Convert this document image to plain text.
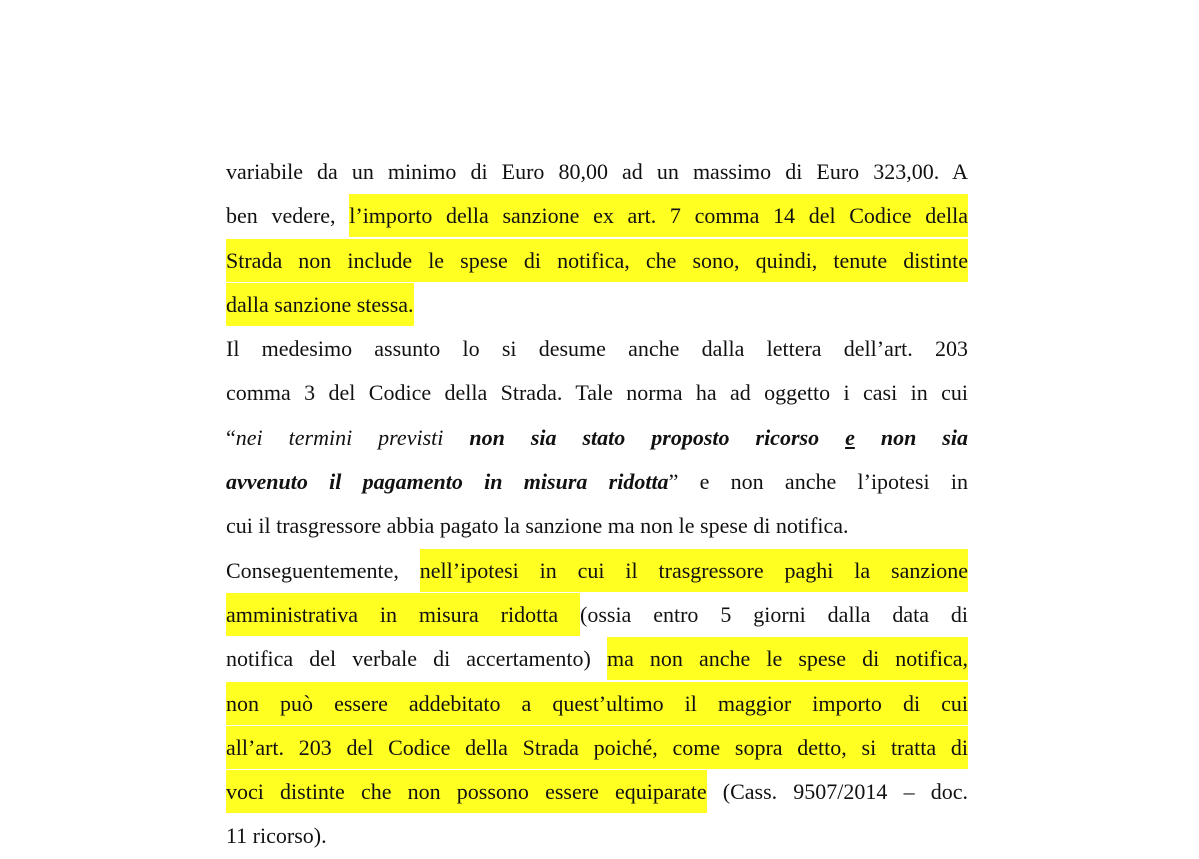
variabile da un minimo di Euro 80,00 ad un massimo di Euro 323,00. A
ben vedere, l’importo della sanzione ex art. 7 comma 14 del Codice della
Strada non include le spese di notifica, che sono, quindi, tenute distinte
dalla sanzione stessa.
Il medesimo assunto lo si desume anche dalla lettera dell’art. 203
comma 3 del Codice della Strada. Tale norma ha ad oggetto i casi in cui
“nei termini previsti non sia stato proposto ricorso e non sia
avvenuto il pagamento in misura ridotta” e non anche l’ipotesi in
cui il trasgressore abbia pagato la sanzione ma non le spese di notifica.
Conseguentemente, nell’ipotesi in cui il trasgressore paghi la sanzione
amministrativa in misura ridotta (ossia entro 5 giorni dalla data di
notifica del verbale di accertamento) ma non anche le spese di notifica,
non può essere addebitato a quest’ultimo il maggior importo di cui
all’art. 203 del Codice della Strada poiché, come sopra detto, si tratta di
voci distinte che non possono essere equiparate (Cass. 9507/2014 – doc.
11 ricorso).
